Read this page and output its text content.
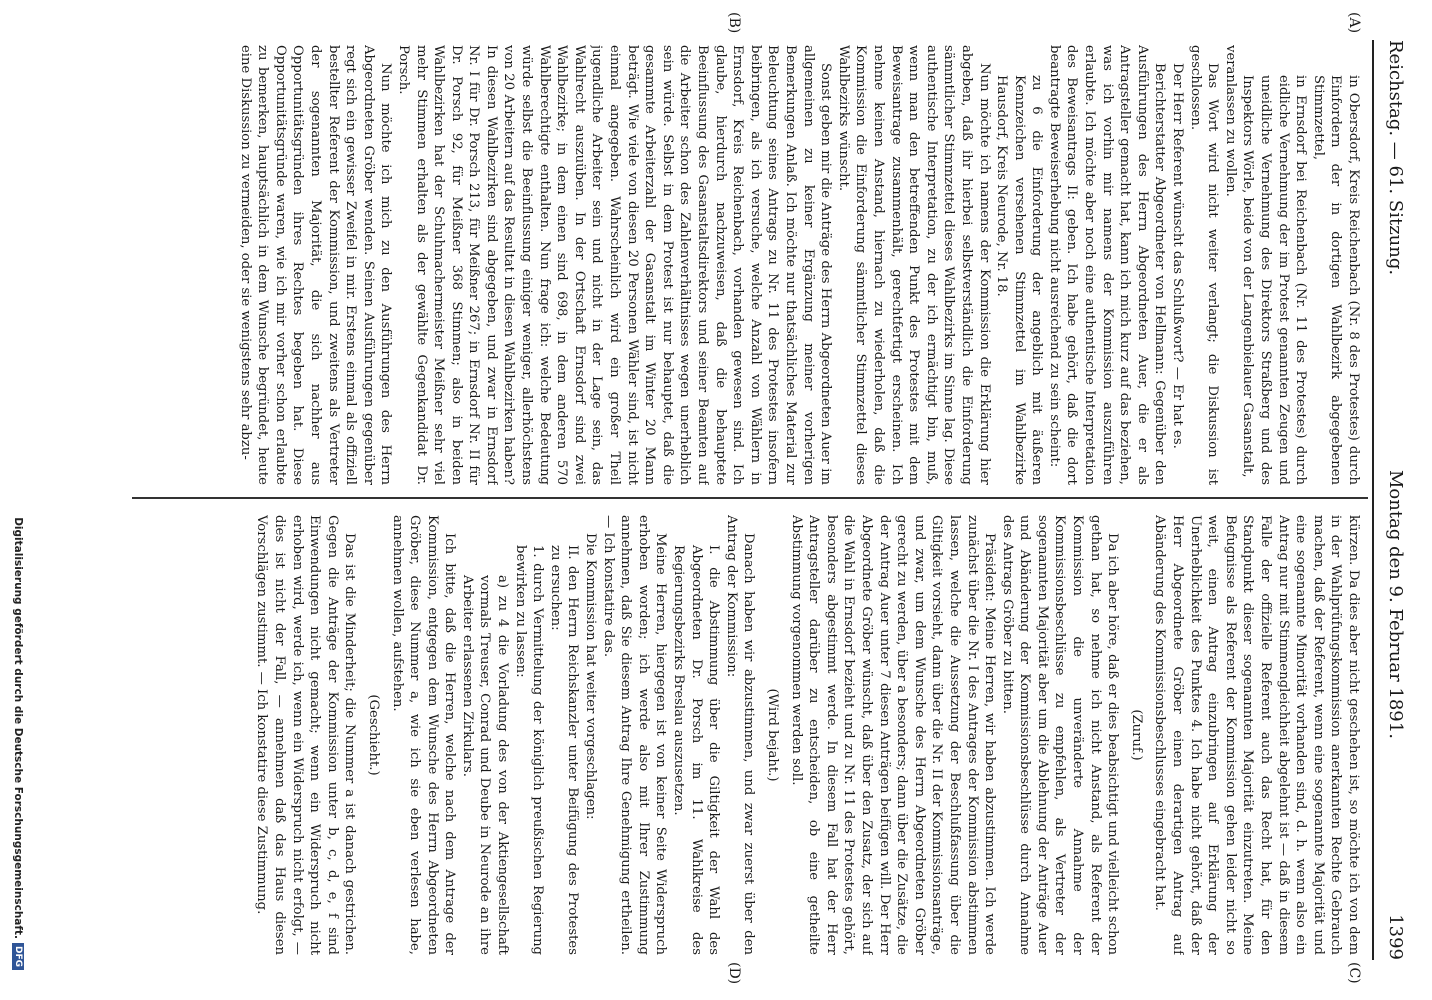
Reichstag. — 61. Sitzung.
Montag den 9. Februar 1891.
1399
(A)
(B)
(C)
(D)

in Obersdorf, Kreis Reichenbach (Nr. 8 des Protestes) durch Einfordern der in dortigen Wahlbezirk abgegebenen Stimmzettel,

in Ernsdorf bei Reichenbach (Nr. 11 des Protestes) durch eidliche Vernehmung der im Protest genannten Zeugen und uneidliche Vernehmung des Direktors Straßberg und des Inspektors Wörle, beide von der Langenbielauer Gasanstalt,

veranlassen zu wollen.

Das Wort wird nicht weiter verlangt; die Diskussion ist geschlossen.

Der Herr Referent wünscht das Schlußwort? — Er hat es.

Berichterstatter Abgeordneter von Hellmann: Gegenüber den Ausführungen des Herrn Abgeordneten Auer, die er als Antragsteller gemacht hat, kann ich mich kurz auf das beziehen, was ich vorhin mir namens der Kommission auszuführen erlaubte. Ich möchte aber noch eine authentische Interpretation des Beweisantrags II: geben. Ich habe gehört, daß die dort beantragte Beweiserhebung nicht ausreichend zu sein scheint:

zu 6 die Einforderung der angeblich mit äußeren Kennzeichen versehenen Stimmzettel im Wahlbezirke Hausdorf, Kreis Neurode, Nr. 18.

Nun möchte ich namens der Kommission die Erklärung hier abgeben, daß ihr hierbei selbstverständlich die Einforderung sämmtlicher Stimmzettel dieses Wahlbezirks im Sinne lag. Diese authentische Interpretation, zu der ich ermächtigt bin, muß, wenn man den betreffenden Punkt des Protestes mit dem Beweisantrage zusammenhält, gerechtfertigt erscheinen. Ich nehme keinen Anstand, hiernach zu wiederholen, daß die Kommission die Einforderung sämmtlicher Stimmzettel dieses Wahlbezirks wünscht.

Sonst geben mir die Anträge des Herrn Abgeordneten Auer im allgemeinen zu keiner Ergänzung meiner vorherigen Bemerkungen Anlaß. Ich möchte nur thatsächliches Material zur Beleuchtung seines Antrags zu Nr. 11 des Protestes insofern beibringen, als ich versuche, welche Anzahl von Wählern in Ernsdorf, Kreis Reichenbach, vorhanden gewesen sind. Ich glaube, hierdurch nachzuweisen, daß die behauptete Beeinflussung des Gasanstaltsdirektors und seiner Beamten auf die Arbeiter schon des Zahlenverhältnisses wegen unerheblich sein würde. Selbst in dem Protest ist nur behauptet, daß die gesammte Arbeiterzahl der Gasanstalt im Winter 20 Mann beträgt. Wie viele von diesen 20 Personen Wähler sind, ist nicht einmal angegeben. Wahrscheinlich wird ein großer Theil jugendliche Arbeiter sein und nicht in der Lage sein, das Wahlrecht auszuüben. In der Ortschaft Ernsdorf sind zwei Wahlbezirke; in dem einen sind 698, in dem anderen 570 Wahlberechtigte enthalten. Nun frage ich: welche Bedeutung würde selbst die Beeinflussung einiger weniger, allerhöchstens von 20 Arbeitern auf das Resultat in diesen Wahlbezirken haben? In diesen Wahlbezirken sind abgegeben, und zwar in Ernsdorf Nr. I für Dr. Porsch 213, für Meißner 267; in Ernsdorf Nr. II für Dr. Porsch 92, für Meißner 368 Stimmen; also in beiden Wahlbezirken hat der Schuhmachermeister Meißner sehr viel mehr Stimmen erhalten als der gewählte Gegenkandidat Dr. Porsch.

Nun möchte ich mich zu den Ausführungen des Herrn Abgeordneten Gröber wenden. Seinen Ausführungen gegenüber regt sich ein gewisser Zweifel in mir. Erstens einmal als offiziell bestellter Referent der Kommission, und zweitens als Vertreter der sogenannten Majorität, die sich nachher aus Opportunitätsgründen ihres Rechtes begeben hat. Diese Opportunitätsgründe waren, wie ich mir vorher schon erlaubte zu bemerken, hauptsächlich in dem Wunsche begründet, heute eine Diskussion zu vermeiden, oder sie wenigstens sehr abzu-

kürzen. Da dies aber nicht geschehen ist, so möchte ich von dem in der Wahlprüfungskommission anerkannten Rechte Gebrauch machen, daß der Referent, wenn eine sogenannte Majorität und eine sogenannte Minorität vorhanden sind, d. h. wenn also ein Antrag nur mit Stimmengleichheit abgelehnt ist — daß in diesem Falle der offizielle Referent auch das Recht hat, für den Standpunkt dieser sogenannten Majorität einzutreten. Meine Befugnisse als Referent der Kommission gehen leider nicht so weit, einen Antrag einzubringen auf Erklärung der Unerheblichkeit des Punktes 4. Ich habe nicht gehört, daß der Herr Abgeordnete Gröber einen derartigen Antrag auf Abänderung des Kommissionsbeschlusses eingebracht hat.

(Zuruf.)

Da ich aber höre, daß er dies beabsichtigt und vielleicht schon gethan hat, so nehme ich nicht Anstand, als Referent der Kommission die unveränderte Annahme der Kommissionsbeschlüsse zu empfehlen, als Vertreter der sogenannten Majorität aber um die Ablehnung der Anträge Auer und Abänderung der Kommissionsbeschlüsse durch Annahme des Antrags Gröber zu bitten.

Präsident: Meine Herren, wir haben abzustimmen. Ich werde zunächst über die Nr. I des Antrages der Kommission abstimmen lassen, welche die Aussetzung der Beschlußfassung über die Giltigkeit vorsieht, dann über die Nr. II der Kommissionsanträge, und zwar, um dem Wunsche des Herrn Abgeordneten Gröber gerecht zu werden, über a besonders; dann über die Zusätze, die der Antrag Auer unter 7 diesen Anträgen beifügen will. Der Herr Abgeordnete Gröber wünscht, daß über den Zusatz, der sich auf die Wahl in Ernsdorf bezieht und zu Nr. 11 des Protestes gehört, besonders abgestimmt werde. In diesem Fall hat der Herr Antragsteller darüber zu entscheiden, ob eine getheilte Abstimmung vorgenommen werden soll.

(Wird bejaht.)

Danach haben wir abzustimmen, und zwar zuerst über den Antrag der Kommission:

I. die Abstimmung über die Giltigkeit der Wahl des Abgeordneten Dr. Porsch im 11. Wahlkreise des Regierungsbezirks Breslau auszusetzen.

Meine Herren, hiergegen ist von keiner Seite Widerspruch erhoben worden; ich werde also mit Ihrer Zustimmung annehmen, daß Sie diesem Antrag Ihre Genehmigung ertheilen. — Ich konstatire das.

Die Kommission hat weiter vorgeschlagen:

II. den Herrn Reichskanzler unter Beifügung des Protestes zu ersuchen:

1. durch Vermittelung der königlich preußischen Regierung bewirken zu lassen:

a) zu 4 die Vorladung des von der Aktiengesellschaft vormals Treuser, Conrad und Deube in Neurode an ihre Arbeiter erlassenen Zirkulars.

Ich bitte, daß die Herren, welche nach dem Antrage der Kommission, entgegen dem Wunsche des Herrn Abgeordneten Gröber, diese Nummer a, wie ich sie eben verlesen habe, annehmen wollen, aufstehen.

(Geschieht.)

Das ist die Minderheit; die Nummer a ist danach gestrichen. Gegen die Anträge der Kommission unter b, c, d, e, f sind Einwendungen nicht gemacht; wenn ein Widerspruch nicht erhoben wird, werde ich, wenn ein Widerspruch nicht erfolgt, — dies ist nicht der Fall, — annehmen daß das Haus diesen Vorschlägen zustimmt. — Ich konstatire diese Zustimmung.

Digitalisierung gefördert durch die Deutsche Forschungsgemeinschaft.DFG
